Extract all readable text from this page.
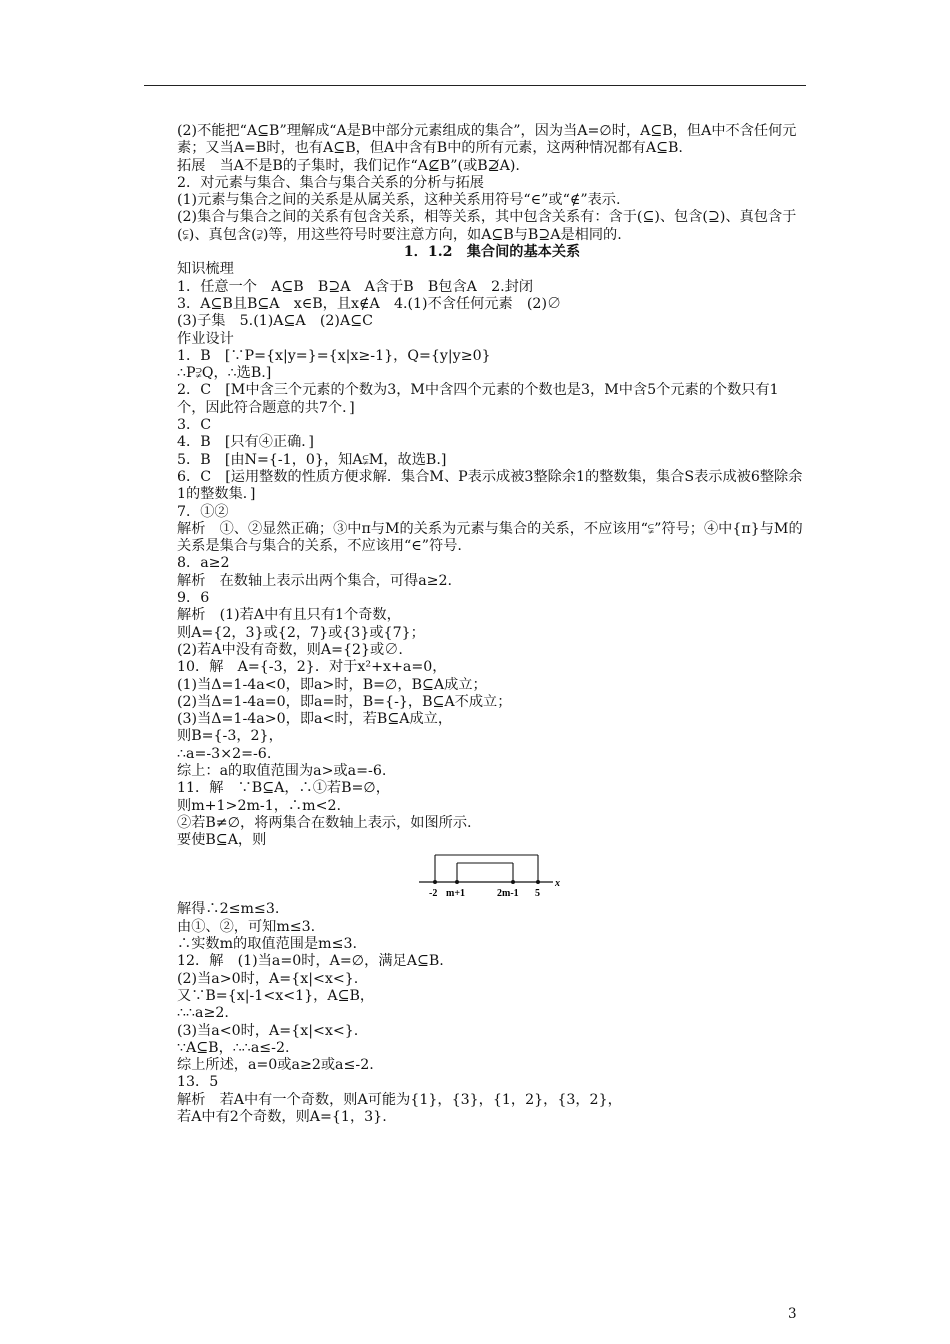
(2)不能把“A⊆B”理解成“A是B中部分元素组成的集合”，因为当A=∅时，A⊆B，但A中不含任何元素；又当A=B时，也有A⊆B，但A中含有B中的所有元素，这两种情况都有A⊆B.
拓展　当A不是B的子集时，我们记作“A⊈B”(或B⊉A).
2．对元素与集合、集合与集合关系的分析与拓展
(1)元素与集合之间的关系是从属关系，这种关系用符号“∈”或“∉”表示.
(2)集合与集合之间的关系有包含关系，相等关系，其中包含关系有：含于(⊆)、包含(⊇)、真包含于(⫋)、真包含(⫌)等，用这些符号时要注意方向，如A⊆B与B⊇A是相同的.
1．1.2　集合间的基本关系
知识梳理
1．任意一个　A⊆B　B⊇A　A含于B　B包含A　2.封闭
3．A⊆B且B⊆A　x∈B，且x∉A　4.(1)不含任何元素　(2)∅
(3)子集　5.(1)A⊆A　(2)A⊆C
作业设计
1．B　[∵P={x|y=}={x|x≥-1}，Q={y|y≥0}
∴P⫌Q，∴选B.]
2．C　[M中含三个元素的个数为3，M中含四个元素的个数也是3，M中含5个元素的个数只有1个，因此符合题意的共7个．]
3．C
4．B　[只有④正确．]
5．B　[由N={-1，0}，知A⫋M，故选B.]
6．C　[运用整数的性质方便求解．集合M、P表示成被3整除余1的整数集，集合S表示成被6整除余1的整数集．]
7．①②
解析　①、②显然正确；③中π与M的关系为元素与集合的关系，不应该用“⫋”符号；④中{π}与M的关系是集合与集合的关系，不应该用“∈”符号.
8．a≥2
解析　在数轴上表示出两个集合，可得a≥2.
9．6
解析　(1)若A中有且只有1个奇数，
则A={2，3}或{2，7}或{3}或{7}；
(2)若A中没有奇数，则A={2}或∅.
10．解　A={-3，2}．对于x²+x+a=0，
(1)当Δ=1-4a<0，即a>时，B=∅，B⊆A成立；
(2)当Δ=1-4a=0，即a=时，B={-}，B⊆A不成立；
(3)当Δ=1-4a>0，即a<时，若B⊆A成立，
则B={-3，2}，
∴a=-3×2=-6.
综上：a的取值范围为a>或a=-6.
11．解　∵B⊆A，∴①若B=∅，
则m+1>2m-1，∴m<2.
②若B≠∅，将两集合在数轴上表示，如图所示.
要使B⊆A，则
-2 m+1	2m-1 5
x
解得∴2≤m≤3.
由①、②，可知m≤3.
∴实数m的取值范围是m≤3.
12．解　(1)当a=0时，A=∅，满足A⊆B.
(2)当a>0时，A={x|<x<}.
又∵B={x|-1<x<1}，A⊆B，
∴∴a≥2.
(3)当a<0时，A={x|<x<}.
∵A⊆B，∴∴a≤-2.
综上所述，a=0或a≥2或a≤-2.
13．5
解析　若A中有一个奇数，则A可能为{1}，{3}，{1，2}，{3，2}，
若A中有2个奇数，则A={1，3}.
3
